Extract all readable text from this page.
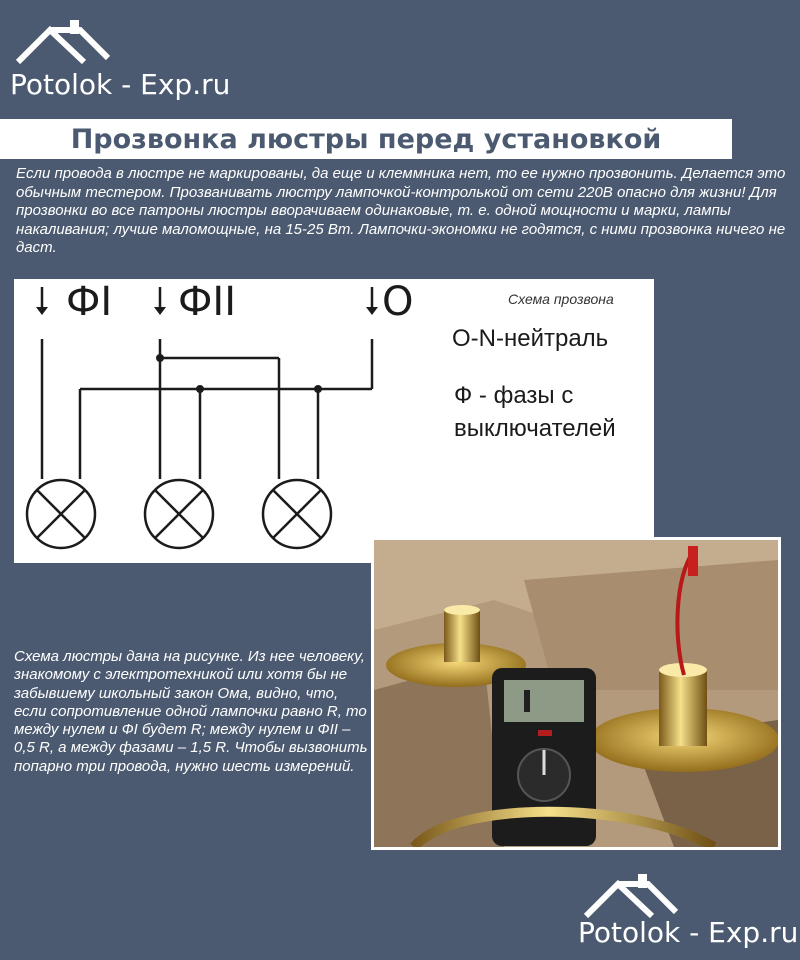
Potolok - Exp.ru
Прозвонка люстры перед установкой

Если провода в люстре не маркированы, да еще и клеммника нет, то ее нужно прозвонить. Делается это обычным тестером. Прозванивать люстру лампочкой-контролькой от сети 220В опасно для жизни! Для прозвонки во все патроны люстры вворачиваем одинаковые, т. е. одной мощности и марки, лампы накаливания; лучше маломощные, на 15-25 Вт. Лампочки-экономки не годятся, с ними прозвонка ничего не даст.

ФI ФII	O	Схема прозвона
O-N-нейтраль
Ф - фазы с выключателей

Схема люстры дана на рисунке. Из нее человеку, знакомому с электротехникой или хотя бы не забывшему школьный закон Ома, видно, что, если сопротивление одной лампочки равно R, то между нулем и ФI будет R; между нулем и ФII – 0,5 R, а между фазами – 1,5 R. Чтобы вызвонить попарно три провода, нужно шесть измерений.

Potolok - Exp.ru
